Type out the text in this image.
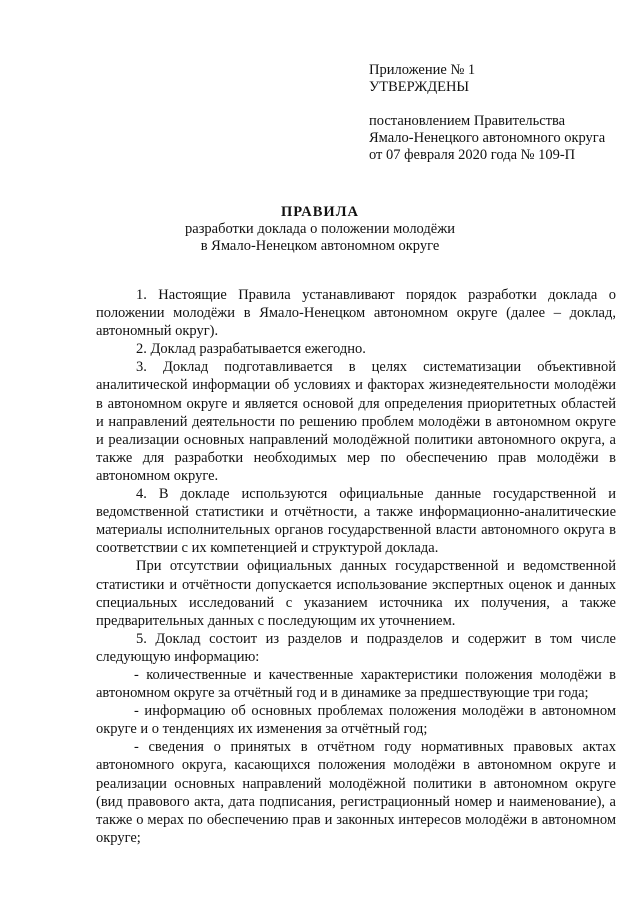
Приложение № 1
УТВЕРЖДЕНЫ
постановлением Правительства
Ямало-Ненецкого автономного округа
от 07 февраля 2020 года № 109-П
ПРАВИЛА
разработки доклада о положении молодёжи
в Ямало-Ненецком автономном округе

1. Настоящие Правила устанавливают порядок разработки доклада о положении молодёжи в Ямало-Ненецком автономном округе (далее – доклад, автономный округ).

2. Доклад разрабатывается ежегодно.

3. Доклад подготавливается в целях систематизации объективной аналитической информации об условиях и факторах жизнедеятельности молодёжи в автономном округе и является основой для определения приоритетных областей и направлений деятельности по решению проблем молодёжи в автономном округе и реализации основных направлений молодёжной политики автономного округа, а также для разработки необходимых мер по обеспечению прав молодёжи в автономном округе.

4. В докладе используются официальные данные государственной и ведомственной статистики и отчётности, а также информационно-аналитические материалы исполнительных органов государственной власти автономного округа в соответствии с их компетенцией и структурой доклада.

При отсутствии официальных данных государственной и ведомственной статистики и отчётности допускается использование экспертных оценок и данных специальных исследований с указанием источника их получения, а также предварительных данных с последующим их уточнением.

5. Доклад состоит из разделов и подразделов и содержит в том числе следующую информацию:

- количественные и качественные характеристики положения молодёжи в автономном округе за отчётный год и в динамике за предшествующие три года;

- информацию об основных проблемах положения молодёжи в автономном округе и о тенденциях их изменения за отчётный год;

- сведения о принятых в отчётном году нормативных правовых актах автономного округа, касающихся положения молодёжи в автономном округе и реализации основных направлений молодёжной политики в автономном округе (вид правового акта, дата подписания, регистрационный номер и наименование), а также о мерах по обеспечению прав и законных интересов молодёжи в автономном округе;
